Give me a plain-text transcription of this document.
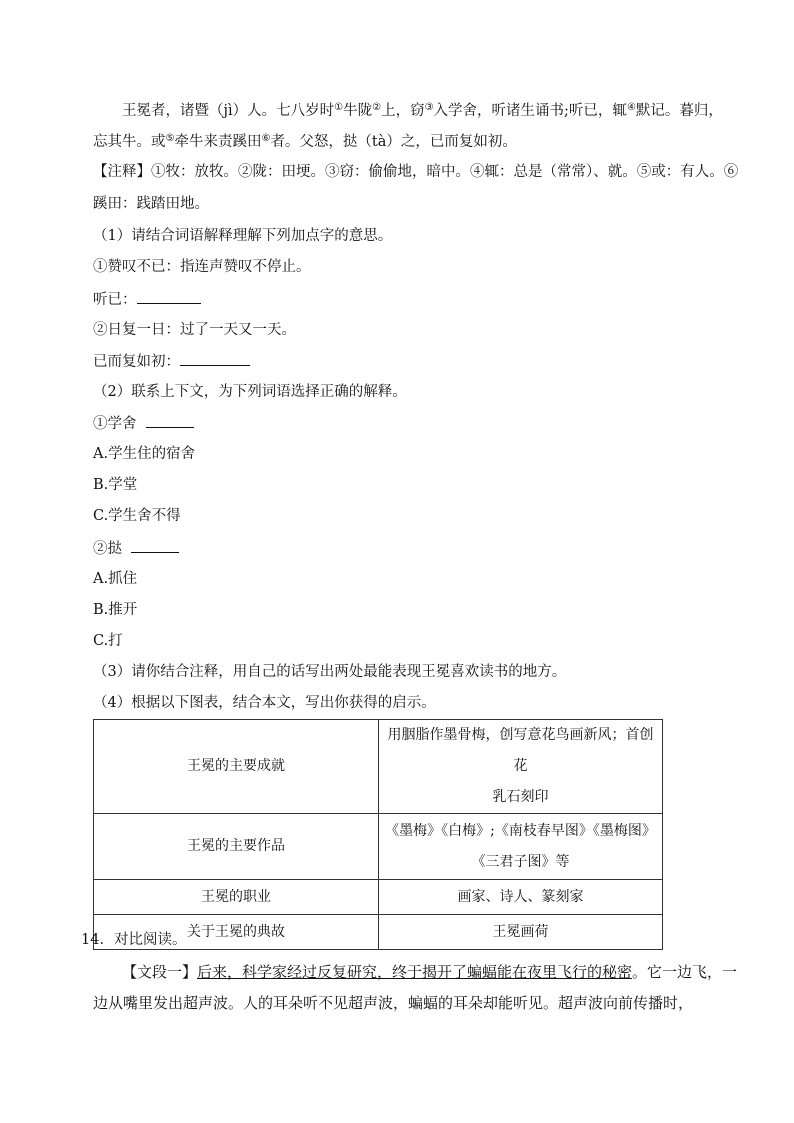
王冕者，诸暨（jì）人。七八岁时①牛陇②上，窃③入学舍，听诸生诵书;听已，辄④默记。暮归，
忘其牛。或⑤牵牛来责蹊田⑥者。父怒，挞（tà）之，已而复如初。
【注释】①牧：放牧。②陇：田埂。③窃：偷偷地，暗中。④辄：总是（常常）、就。⑤或：有人。⑥
蹊田：践踏田地。
（1）请结合词语解释理解下列加点字的意思。
①赞叹不已：指连声赞叹不停止。
听已：
②日复一日：过了一天又一天。
已而复如初：
（2）联系上下文，为下列词语选择正确的解释。
①学舍
A.学生住的宿舍
B.学堂
C.学生舍不得
②挞
A.抓住
B.推开
C.打
（3）请你结合注释，用自己的话写出两处最能表现王冕喜欢读书的地方。
（4）根据以下图表，结合本文，写出你获得的启示。
王冕的主要成就	用胭脂作墨骨梅，创写意花鸟画新风；首创花
乳石刻印
王冕的主要作品	《墨梅》《白梅》;《南枝春早图》《墨梅图》
《三君子图》等
王冕的职业	画家、诗人、篆刻家
关于王冕的典故	王冕画荷
14．对比阅读。
【文段一】后来，科学家经过反复研究，终于揭开了蝙蝠能在夜里飞行的秘密。它一边飞，一
边从嘴里发出超声波。人的耳朵听不见超声波，蝙蝠的耳朵却能听见。超声波向前传播时，
